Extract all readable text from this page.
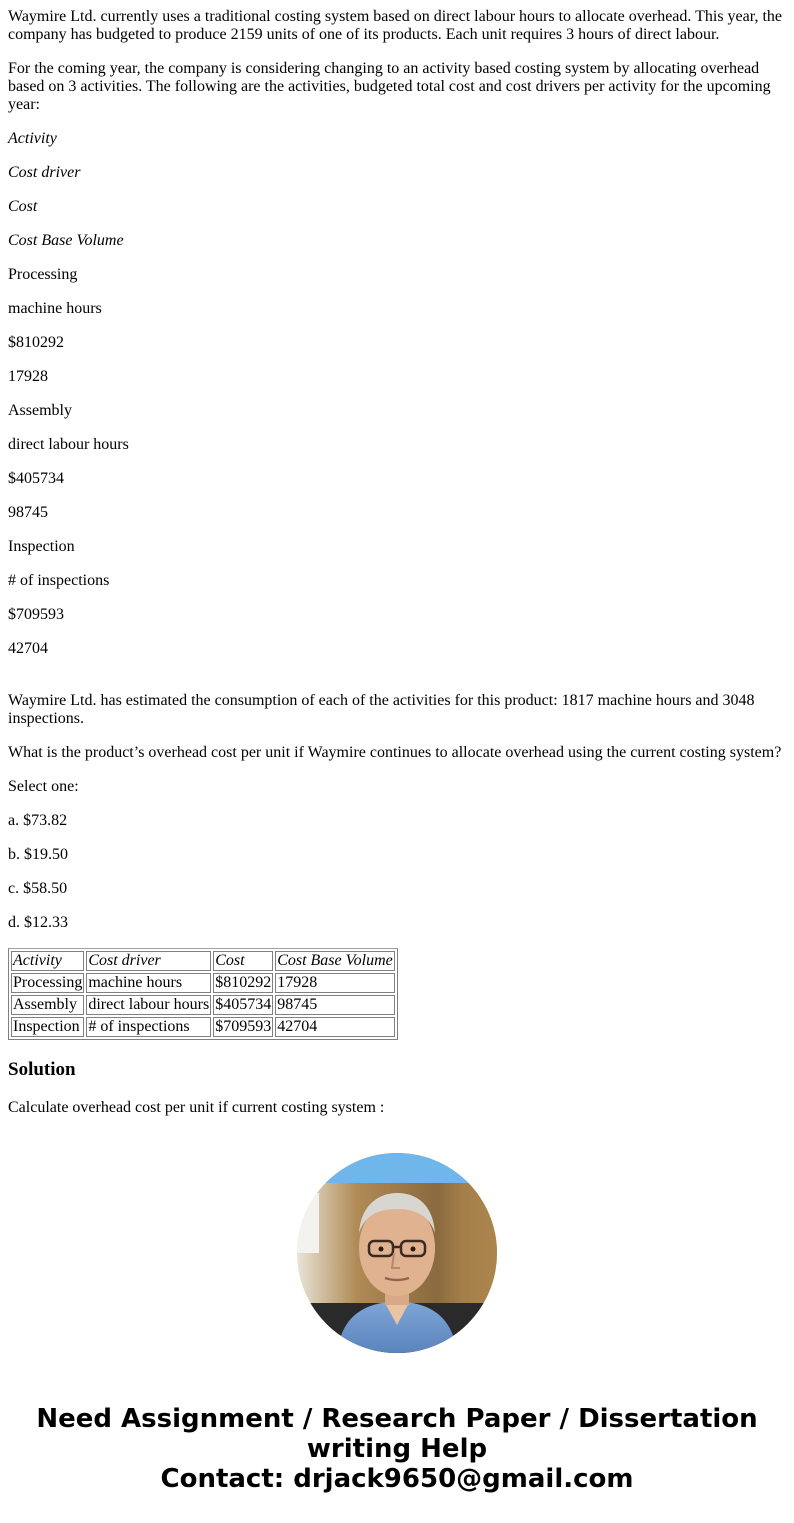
Waymire Ltd. currently uses a traditional costing system based on direct labour hours to allocate overhead. This year, the company has budgeted to produce 2159 units of one of its products. Each unit requires 3 hours of direct labour.

For the coming year, the company is considering changing to an activity based costing system by allocating overhead based on 3 activities. The following are the activities, budgeted total cost and cost drivers per activity for the upcoming year:

Activity

Cost driver

Cost

Cost Base Volume

Processing

machine hours

$810292

17928

Assembly

direct labour hours

$405734

98745

Inspection

# of inspections

$709593

42704

Waymire Ltd. has estimated the consumption of each of the activities for this product: 1817 machine hours and 3048 inspections.

What is the product’s overhead cost per unit if Waymire continues to allocate overhead using the current costing system?

Select one:

a. $73.82

b. $19.50

c. $58.50

d. $12.33

Activity	Cost driver	Cost	Cost Base Volume
Processing	machine hours	$810292	17928
Assembly	direct labour hours	$405734	98745
Inspection	# of inspections	$709593	42704
Solution

Calculate overhead cost per unit if current costing system :

Need Assignment / Research Paper / Dissertation
writing Help
Contact: drjack9650@gmail.com
